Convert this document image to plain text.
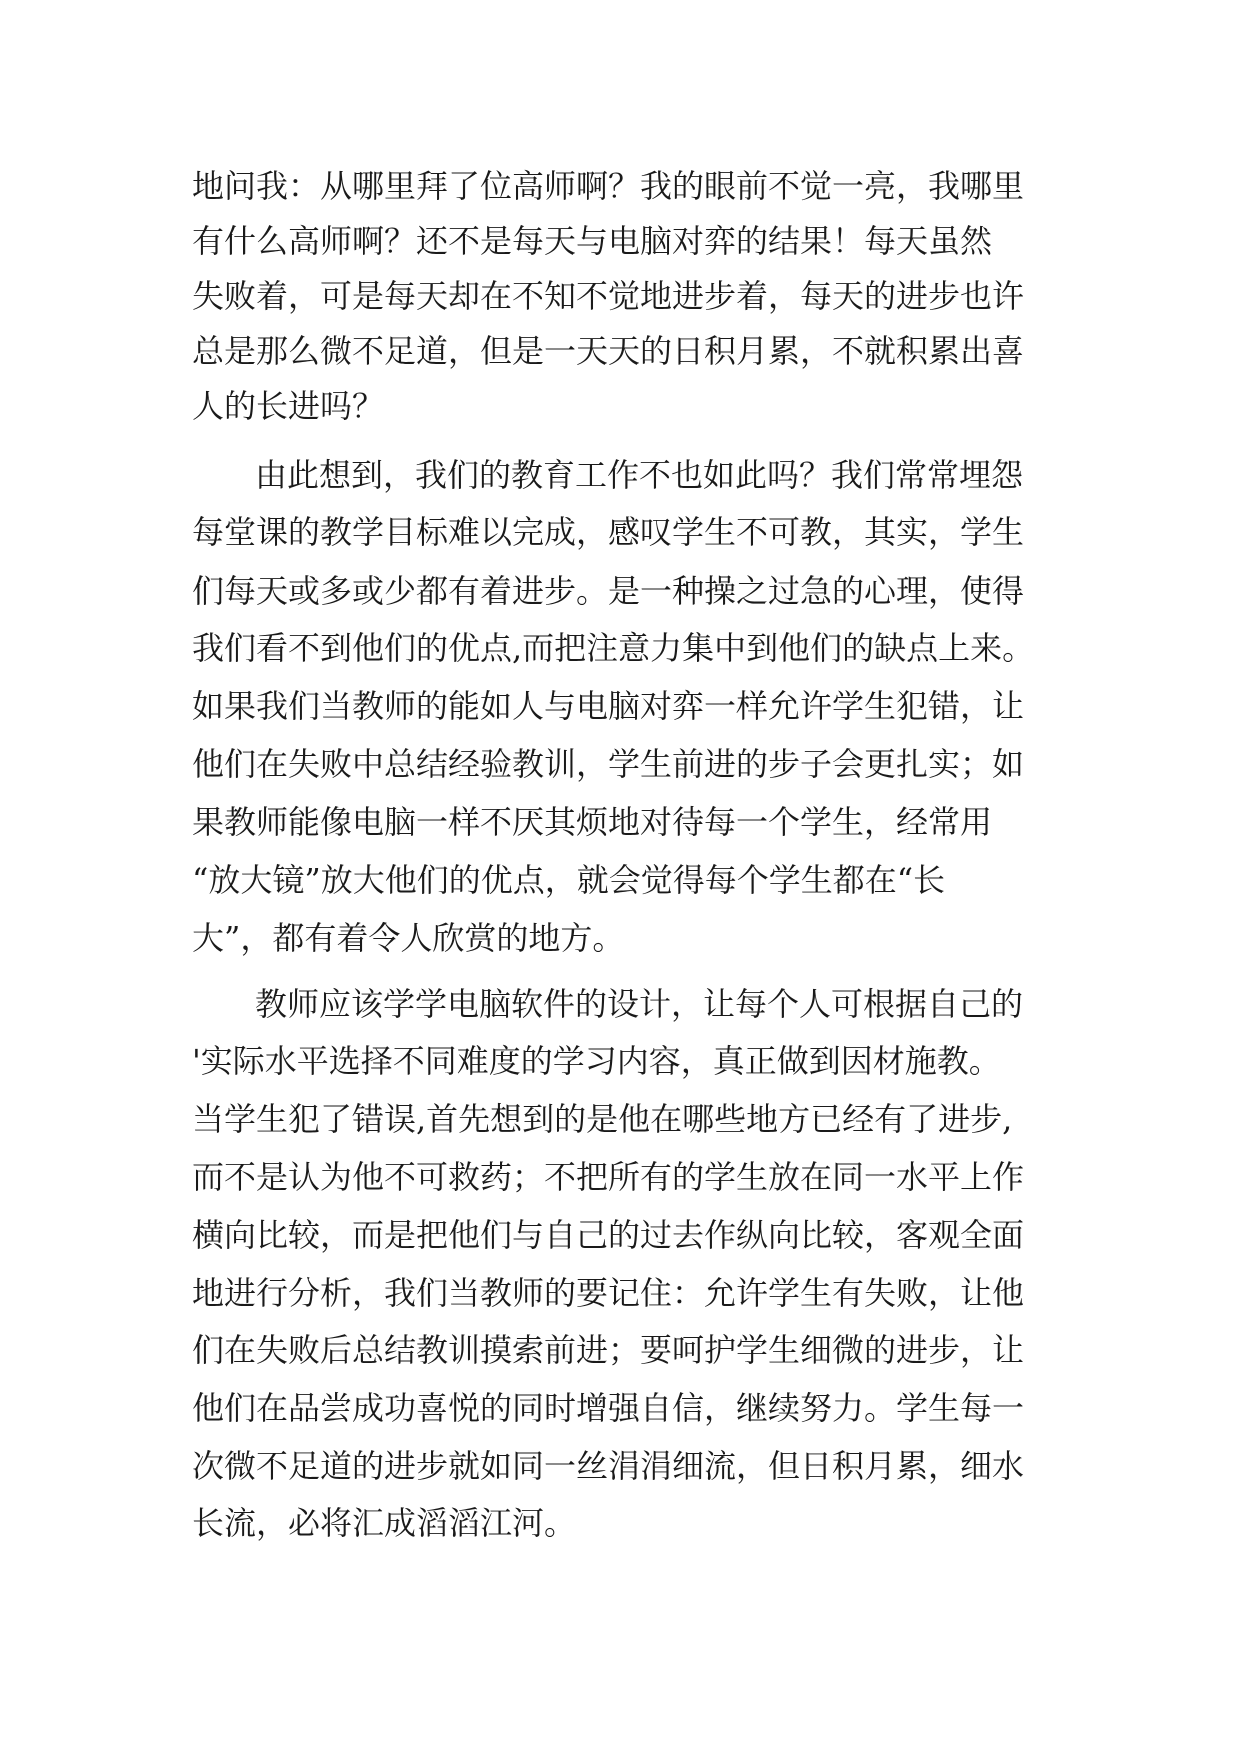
地问我：从哪里拜了位高师啊？我的眼前不觉一亮，我哪里
有什么高师啊？还不是每天与电脑对弈的结果！每天虽然
失败着，可是每天却在不知不觉地进步着，每天的进步也许
总是那么微不足道，但是一天天的日积月累，不就积累出喜
人的长进吗？
由此想到，我们的教育工作不也如此吗？我们常常埋怨
每堂课的教学目标难以完成，感叹学生不可教，其实，学生
们每天或多或少都有着进步。是一种操之过急的心理，使得
我们看不到他们的优点,而把注意力集中到他们的缺点上来。
如果我们当教师的能如人与电脑对弈一样允许学生犯错，让
他们在失败中总结经验教训，学生前进的步子会更扎实；如
果教师能像电脑一样不厌其烦地对待每一个学生，经常用
“放大镜”放大他们的优点，就会觉得每个学生都在“长
大”，都有着令人欣赏的地方。
教师应该学学电脑软件的设计，让每个人可根据自己的
'实际水平选择不同难度的学习内容，真正做到因材施教。
当学生犯了错误,首先想到的是他在哪些地方已经有了进步,
而不是认为他不可救药；不把所有的学生放在同一水平上作
横向比较，而是把他们与自己的过去作纵向比较，客观全面
地进行分析，我们当教师的要记住：允许学生有失败，让他
们在失败后总结教训摸索前进；要呵护学生细微的进步，让
他们在品尝成功喜悦的同时增强自信，继续努力。学生每一
次微不足道的进步就如同一丝涓涓细流，但日积月累，细水
长流，必将汇成滔滔江河。
